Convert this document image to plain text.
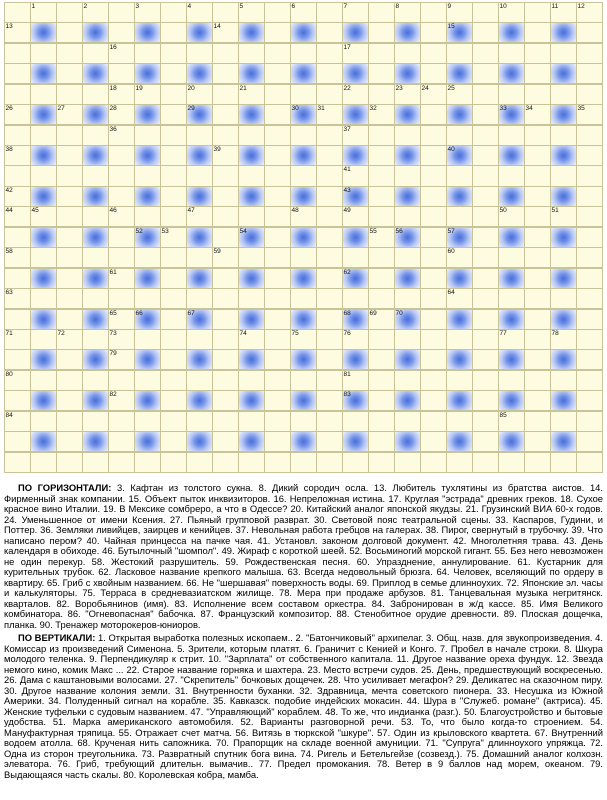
1	2	3	4	5	6	7	8	9	10	11	12
13	14	15
16	17
18	19	20	21	22	23	24	25
26	27	28	29	30	31	32	33	34	35
36	37
38	39	40
41
42	43
44	45	46	47	48	49	50	51
52	53	54	55	56	57
58	59	60
61	62
63	64
65	66	67	68	69	70
71	72	73	74	75	76	77	78
79
80	81
82	83
84	85

ПО ГОРИЗОНТАЛИ: 3. Кафтан из толстого сукна. 8. Дикий сородич осла. 13. Любитель тухлятины из братства аистов. 14. Фирменный знак компании. 15. Объект пыток инквизиторов. 16. Непреложная истина. 17. Круглая "эстрада" древних греков. 18. Сухое красное вино Италии. 19. В Мексике сомбреро, а что в Одессе? 20. Китайский аналог японской якудзы. 21. Грузинский ВИА 60-х годов. 24. Уменьшенное от имени Ксения. 27. Пьяный групповой разврат. 30. Световой пояс театральной сцены. 33. Каспаров, Гудини, и Поттер. 36. Земляки ливийцев, заирцев и кенийцев. 37. Невольная работа гребцов на галерах. 38. Пирог, свернутый в трубочку. 39. Что написано пером? 40. Чайная принцесса на пачке чая. 41. Установл. законом долговой документ. 42. Многолетняя трава. 43. День календаря в обиходе. 46. Бутылочный "шомпол". 49. Жираф с короткой шеей. 52. Восьминогий морской гигант. 55. Без него невозможен не один перекур. 58. Жестокий разрушитель. 59. Рождественская песня. 60. Упразднение, аннулирование. 61. Кустарник для курительных трубок. 62. Ласковое название крепкого малыша. 63. Всегда недовольный брюзга. 64. Человек, вселяющий по ордеру в квартиру. 65. Гриб с хвойным названием. 66. Не "шершавая" поверхность воды. 69. Приплод в семье длинноухих. 72. Японские эл. часы и калькуляторы. 75. Терраса в средневазиатском жилище. 78. Мера при продаже арбузов. 81. Танцевальная музыка негритянск. кварталов. 82. Воробьянинов (имя). 83. Исполнение всем составом оркестра. 84. Забронирован в ж/д кассе. 85. Имя Великого комбинатора. 86. "Огневопасная" бабочка. 87. Французский композитор. 88. Стенобитное орудие древности. 89. Плоская дощечка, планка. 90. Тренажер моторокеров-юниоров.

ПО ВЕРТИКАЛИ: 1. Открытая выработка полезных ископаем.. 2. "Батончиковый" архипелаг. 3. Общ. назв. для звукопроизведения. 4. Комиссар из произведений Сименона. 5. Зрители, которым платят. 6. Граничит с Кенией и Конго. 7. Пробел в начале строки. 8. Шкура молодого теленка. 9. Перпендикуляр к стрит. 10. "Зарплата" от собственного капитала. 11. Другое название ореха фундук. 12. Звезда немого кино, комик Макс ... 22. Старое название горняка и шахтера. 23. Место встречи судов. 25. День, предшествующий воскресенью. 26. Дама с каштановыми волосами. 27. "Скрепитель" бочковых дощечек. 28. Что усиливает мегафон? 29. Деликатес на сказочном пиру. 30. Другое название колония земли. 31. Внутренности буханки. 32. Здравница, мечта советского пионера. 33. Несушка из Южной Америки. 34. Полуденный сигнал на корабле. 35. Кавказск. подобие индейских мокасин. 44. Шура в "Служеб. романе" (актриса). 45. Женские туфельки с судовым названием. 47. "Управляющий" кораблем. 48. То же, что индианка (разг.). 50. Благоустройство и бытовые удобства. 51. Марка американского автомобиля. 52. Варианты разговорной речи. 53. То, что было когда-то строением. 54. Мануфактурная тряпица. 55. Отражает счет матча. 56. Витязь в тюркской "шкуре". 57. Один из крыловского квартета. 67. Внутренний водоем атолла. 68. Крученая нить сапожника. 70. Прапорщик на складе военной амуниции. 71. "Супруга" длинноухого упряжца. 72. Одна из сторон треугольника. 73. Развратный спутник бога вина. 74. Ригель и Бетельгейзе (созвезд.). 75. Домашний аналог колхозн. элеватора. 76. Гриб, требующий длительн. вымачив.. 77. Предел промокания. 78. Ветер в 9 баллов над морем, океаном. 79. Выдающаяся часть скалы. 80. Королевская кобра, мамба.
